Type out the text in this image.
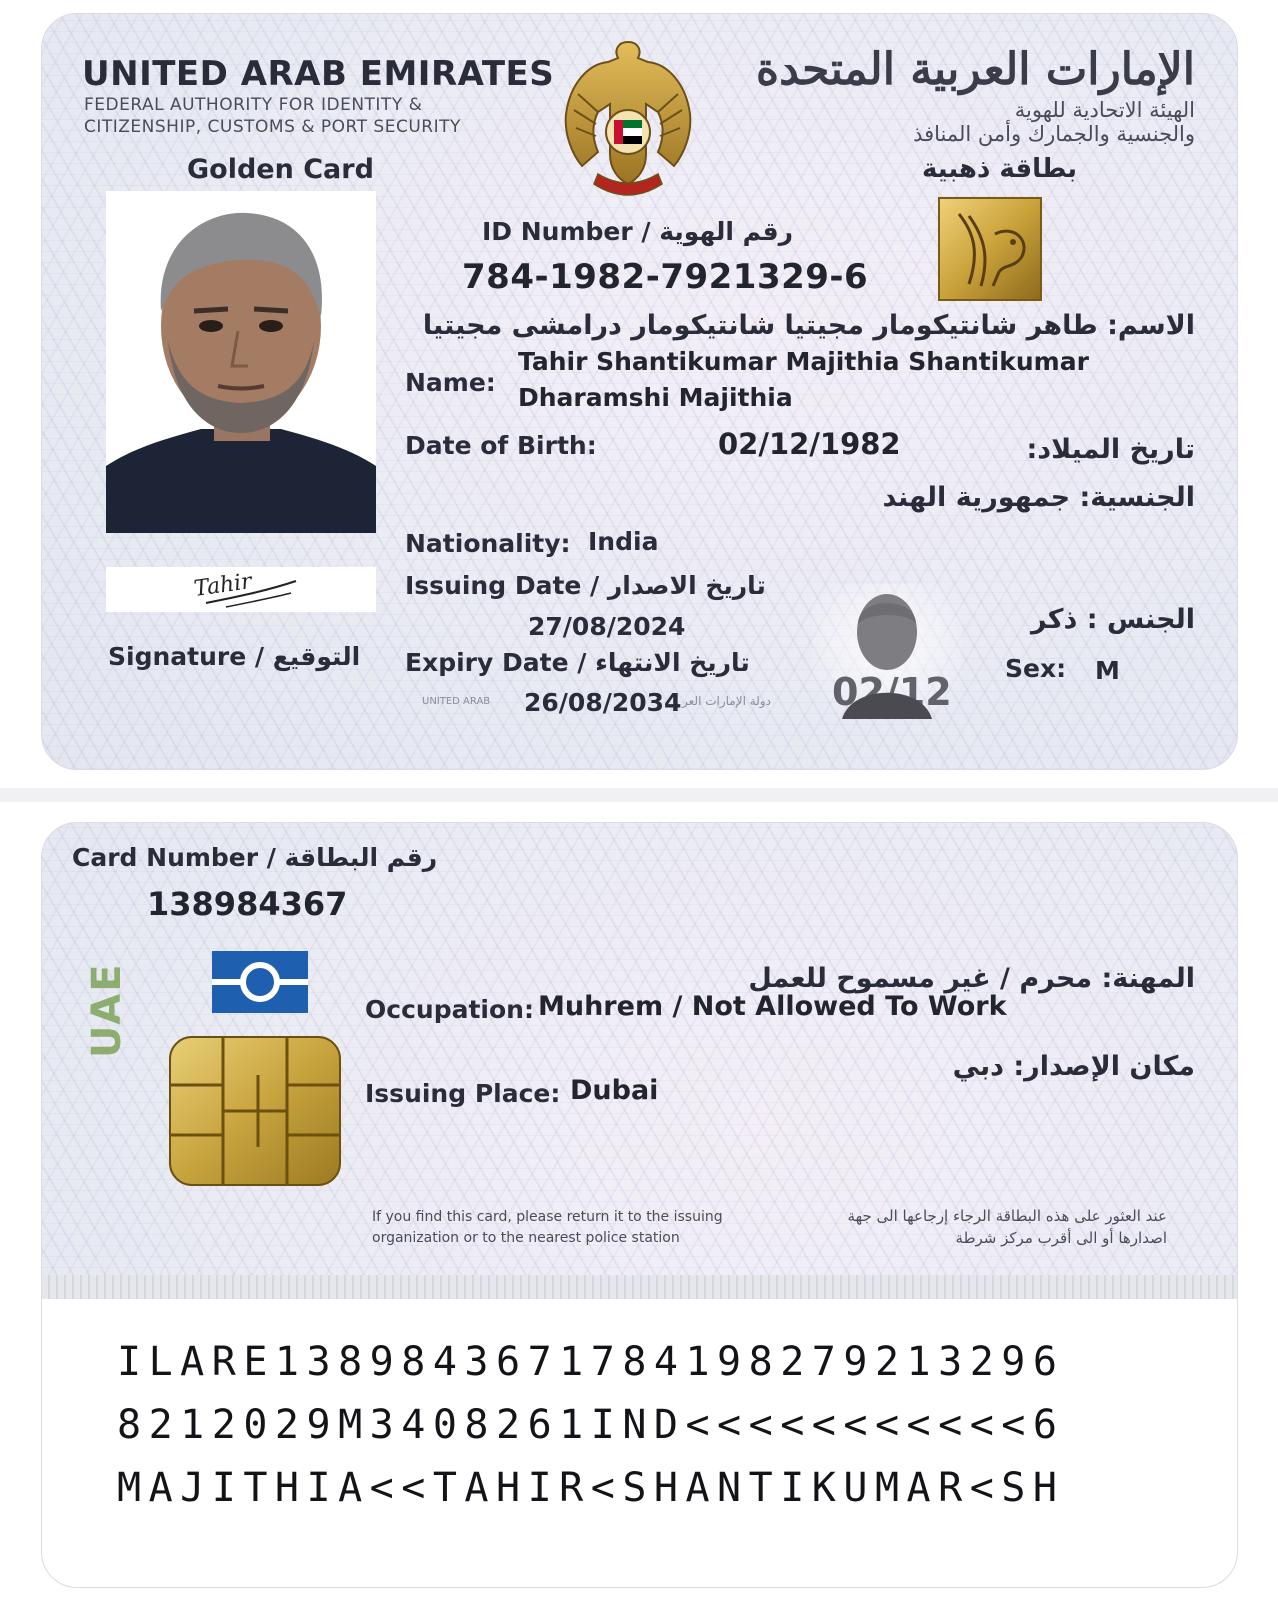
UNITED ARAB EMIRATES
FEDERAL AUTHORITY FOR IDENTITY &
CITIZENSHIP, CUSTOMS & PORT SECURITY
Golden Card
الإمارات العربية المتحدة
الهيئة الاتحادية للهوية
والجنسية والجمارك وأمن المنافذ
بطاقة ذهبية
Tahir
Signature / التوقيع
ID Number / رقم الهوية
784-1982-7921329-6
الاسم: طاهر شانتيكومار مجيتيا شانتيكومار درامشى مجيتيا
Name:
Tahir Shantikumar Majithia Shantikumar
Dharamshi Majithia
Date of Birth:	02/12/1982	تاريخ الميلاد:
الجنسية: جمهورية الهند
Nationality: India
Issuing Date / تاريخ الاصدار
27/08/2024
Expiry Date / تاريخ الانتهاء
UNITED ARAB 26/08/2034 دولة الإمارات العر 02/12
الجنس : ذكر
Sex: M
Card Number / رقم البطاقة
138984367
UAE	المهنة: محرم / غير مسموح للعمل
Occupation: Muhrem / Not Allowed To Work
مكان الإصدار: دبي
Issuing Place: Dubai
If you find this card, please return it to the issuing
organization or to the nearest police station
عند العثور على هذه البطاقة الرجاء إرجاعها الى جهة
اصدارها أو الى أقرب مركز شرطة
ILARE1389843671784198279213296
8212029M3408261IND<<<<<<<<<<<6
MAJITHIA<<TAHIR<SHANTIKUMAR<SH
